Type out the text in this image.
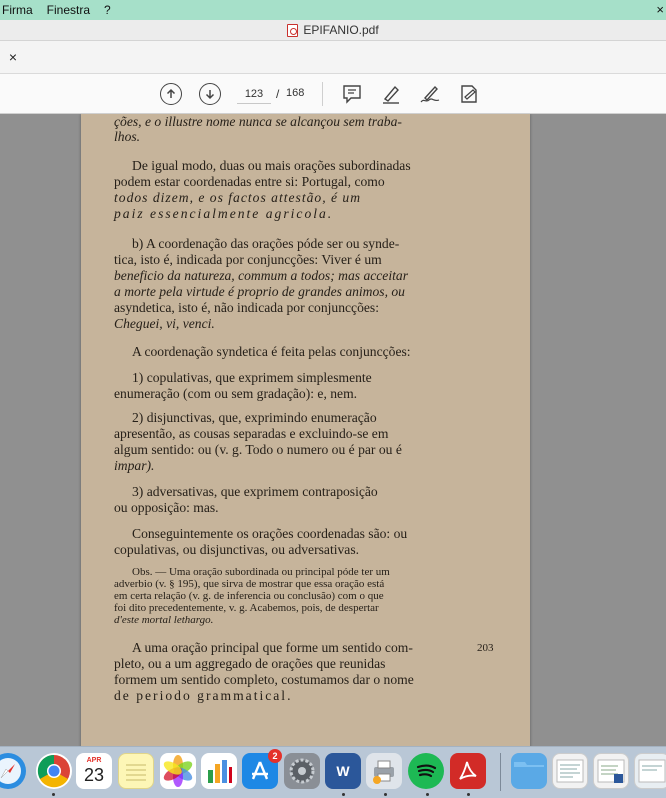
Firma	Finestra	?	×
EPIFANIO.pdf
×
123
/ 168
ções, e o illustre nome nunca se alcançou sem traba-
lhos.
De igual modo, duas ou mais orações subordinadas
podem estar coordenadas entre si: Portugal, como
todos dizem, e os factos attestão, é um
paiz essencialmente agricola.
b) A coordenação das orações póde ser ou synde-
tica, isto é, indicada por conjuncções: Viver é um
beneficio da natureza, commum a todos; mas acceitar
a morte pela virtude é proprio de grandes animos, ou
asyndetica, isto é, não indicada por conjuncções:
Cheguei, vi, venci.
A coordenação syndetica é feita pelas conjuncções:
1) copulativas, que exprimem simplesmente
enumeração (com ou sem gradação): e, nem.
2) disjunctivas, que, exprimindo enumeração
apresentão, as cousas separadas e excluindo-se em
algum sentido: ou (v. g. Todo o numero ou é par ou é
impar).
3) adversativas, que exprimem contraposição
ou opposição: mas.
Conseguintemente os orações coordenadas são: ou
copulativas, ou disjunctivas, ou adversativas.
Obs. — Uma oração subordinada ou principal póde ter um
adverbio (v. § 195), que sirva de mostrar que essa oração está
em certa relação (v. g. de inferencia ou conclusão) com o que
foi dito precedentemente, v. g. Acabemos, pois, de despertar
d'este mortal lethargo.
A uma oração principal que forme um sentido com-	203
pleto, ou a um aggregado de orações que reunidas
formem um sentido completo, costumamos dar o nome
de periodo grammatical.
APR
23
2
W
